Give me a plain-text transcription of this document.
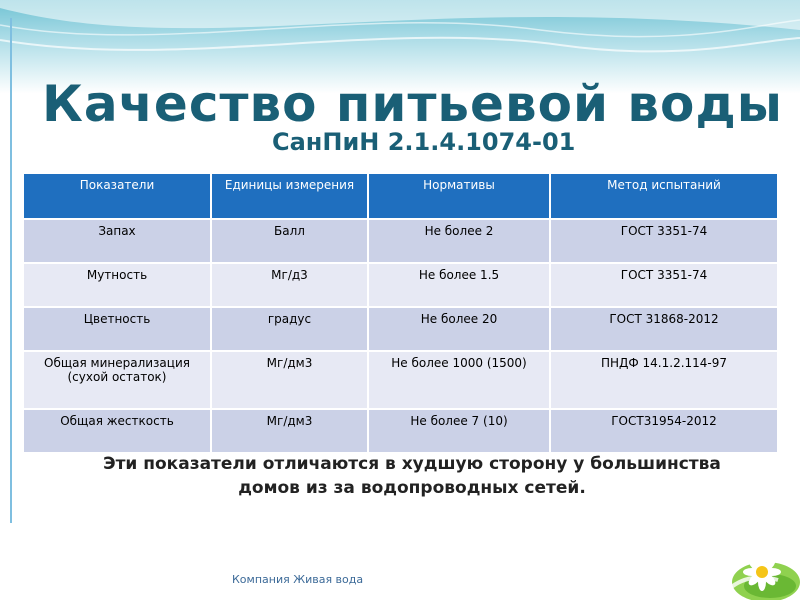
Качество питьевой воды
СанПиН 2.1.4.1074-01
Показатели	Единицы измерения	Нормативы	Метод испытаний
Запах	Балл	Не более 2	ГОСТ 3351-74
Мутность	Мг/д3	Не более 1.5	ГОСТ 3351-74
Цветность	градус	Не более 20	ГОСТ 31868-2012
Общая минерализация (сухой остаток)	Мг/дм3	Не более 1000 (1500)	ПНДФ 14.1.2.114-97
Общая жесткость	Мг/дм3	Не более 7 (10)	ГОСТ31954-2012
Эти показатели отличаются в худшую сторону у большинства домов из за водопроводных сетей.
Компания Живая вода
